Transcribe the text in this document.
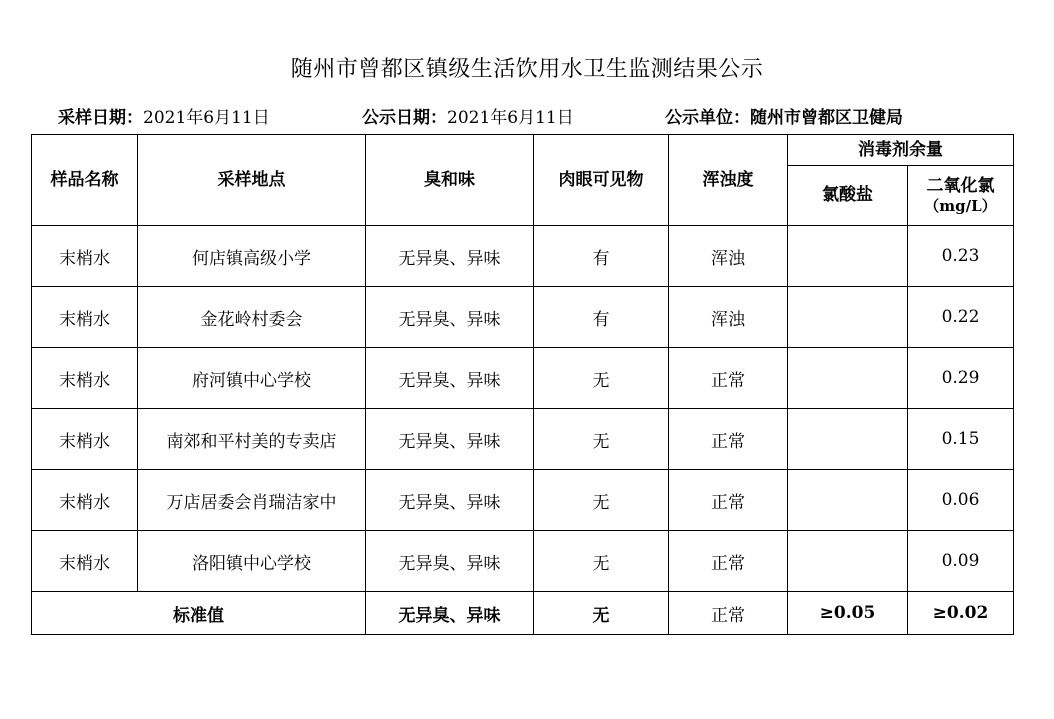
随州市曾都区镇级生活饮用水卫生监测结果公示
采样日期：2021年6月11日	公示日期：2021年6月11日	公示单位：随州市曾都区卫健局
样品名称	采样地点	臭和味	肉眼可见物	浑浊度	消毒剂余量	
					氯酸盐	二氧化氯

（mg/L）

末梢水	何店镇高级小学	无异臭、异味	有	浑浊		0.23
末梢水	金花岭村委会	无异臭、异味	有	浑浊		0.22
末梢水	府河镇中心学校	无异臭、异味	无	正常		0.29
末梢水	南郊和平村美的专卖店	无异臭、异味	无	正常		0.15
末梢水	万店居委会肖瑞洁家中	无异臭、异味	无	正常		0.06
末梢水	洛阳镇中心学校	无异臭、异味	无	正常		0.09
标准值		无异臭、异味	无	正常	≥0.05	≥0.02
